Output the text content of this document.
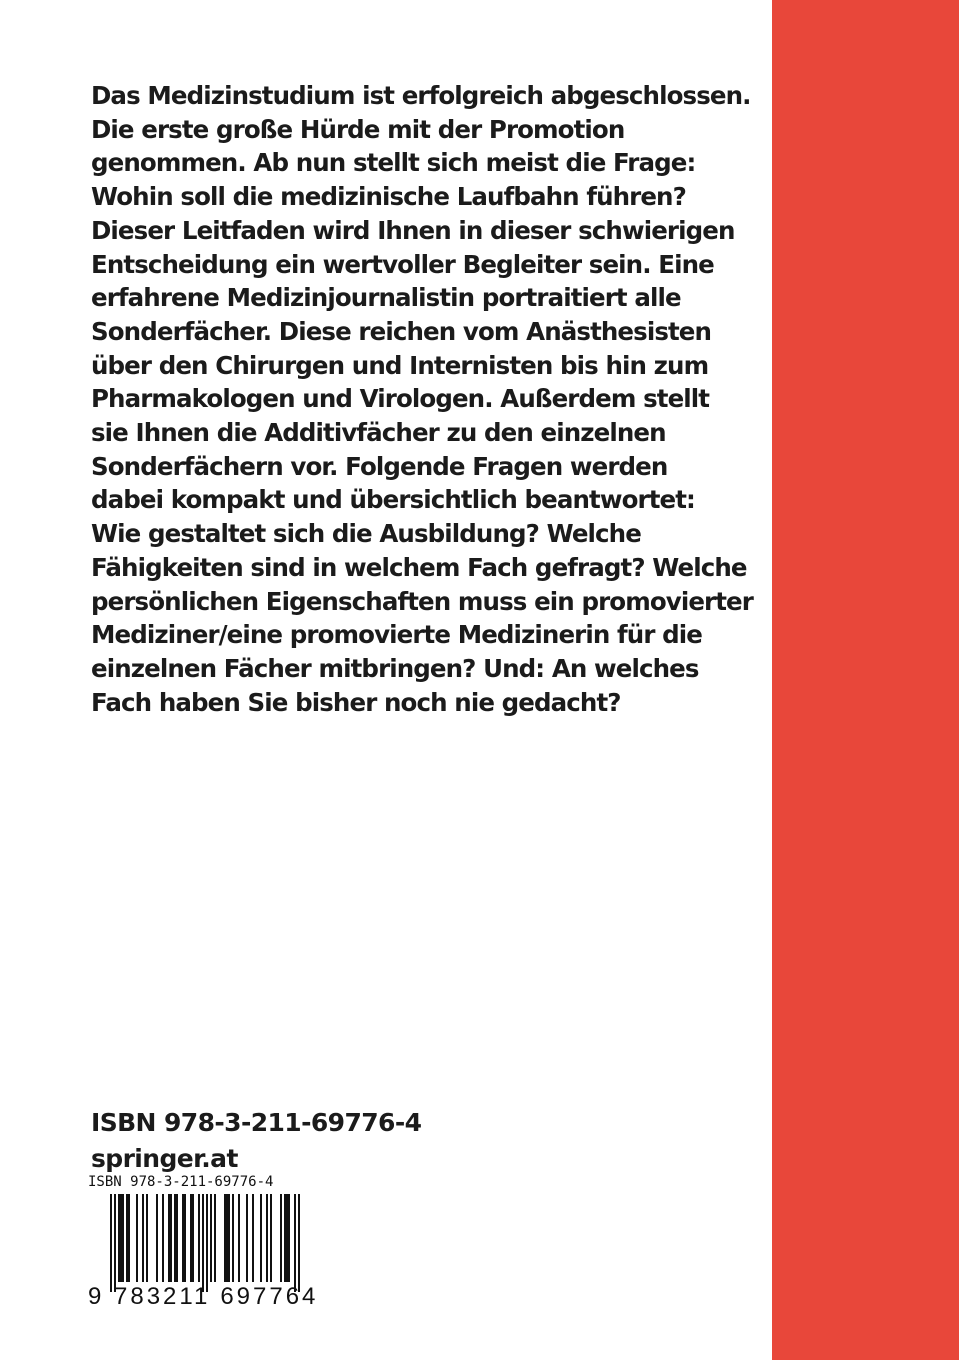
Das Medizinstudium ist erfolgreich abgeschlossen.
Die erste große Hürde mit der Promotion
genommen. Ab nun stellt sich meist die Frage:
Wohin soll die medizinische Laufbahn führen?
Dieser Leitfaden wird Ihnen in dieser schwierigen
Entscheidung ein wertvoller Begleiter sein. Eine
erfahrene Medizinjournalistin portraitiert alle
Sonderfächer. Diese reichen vom Anästhesisten
über den Chirurgen und Internisten bis hin zum
Pharmakologen und Virologen. Außerdem stellt
sie Ihnen die Additivfächer zu den einzelnen
Sonderfächern vor. Folgende Fragen werden
dabei kompakt und übersichtlich beantwortet:
Wie gestaltet sich die Ausbildung? Welche
Fähigkeiten sind in welchem Fach gefragt? Welche
persönlichen Eigenschaften muss ein promovierter
Mediziner/eine promovierte Medizinerin für die
einzelnen Fächer mitbringen? Und: An welches
Fach haben Sie bisher noch nie gedacht?
ISBN 978-3-211-69776-4
springer.at
ISBN 978-3-211-69776-4
9 783211 697764
